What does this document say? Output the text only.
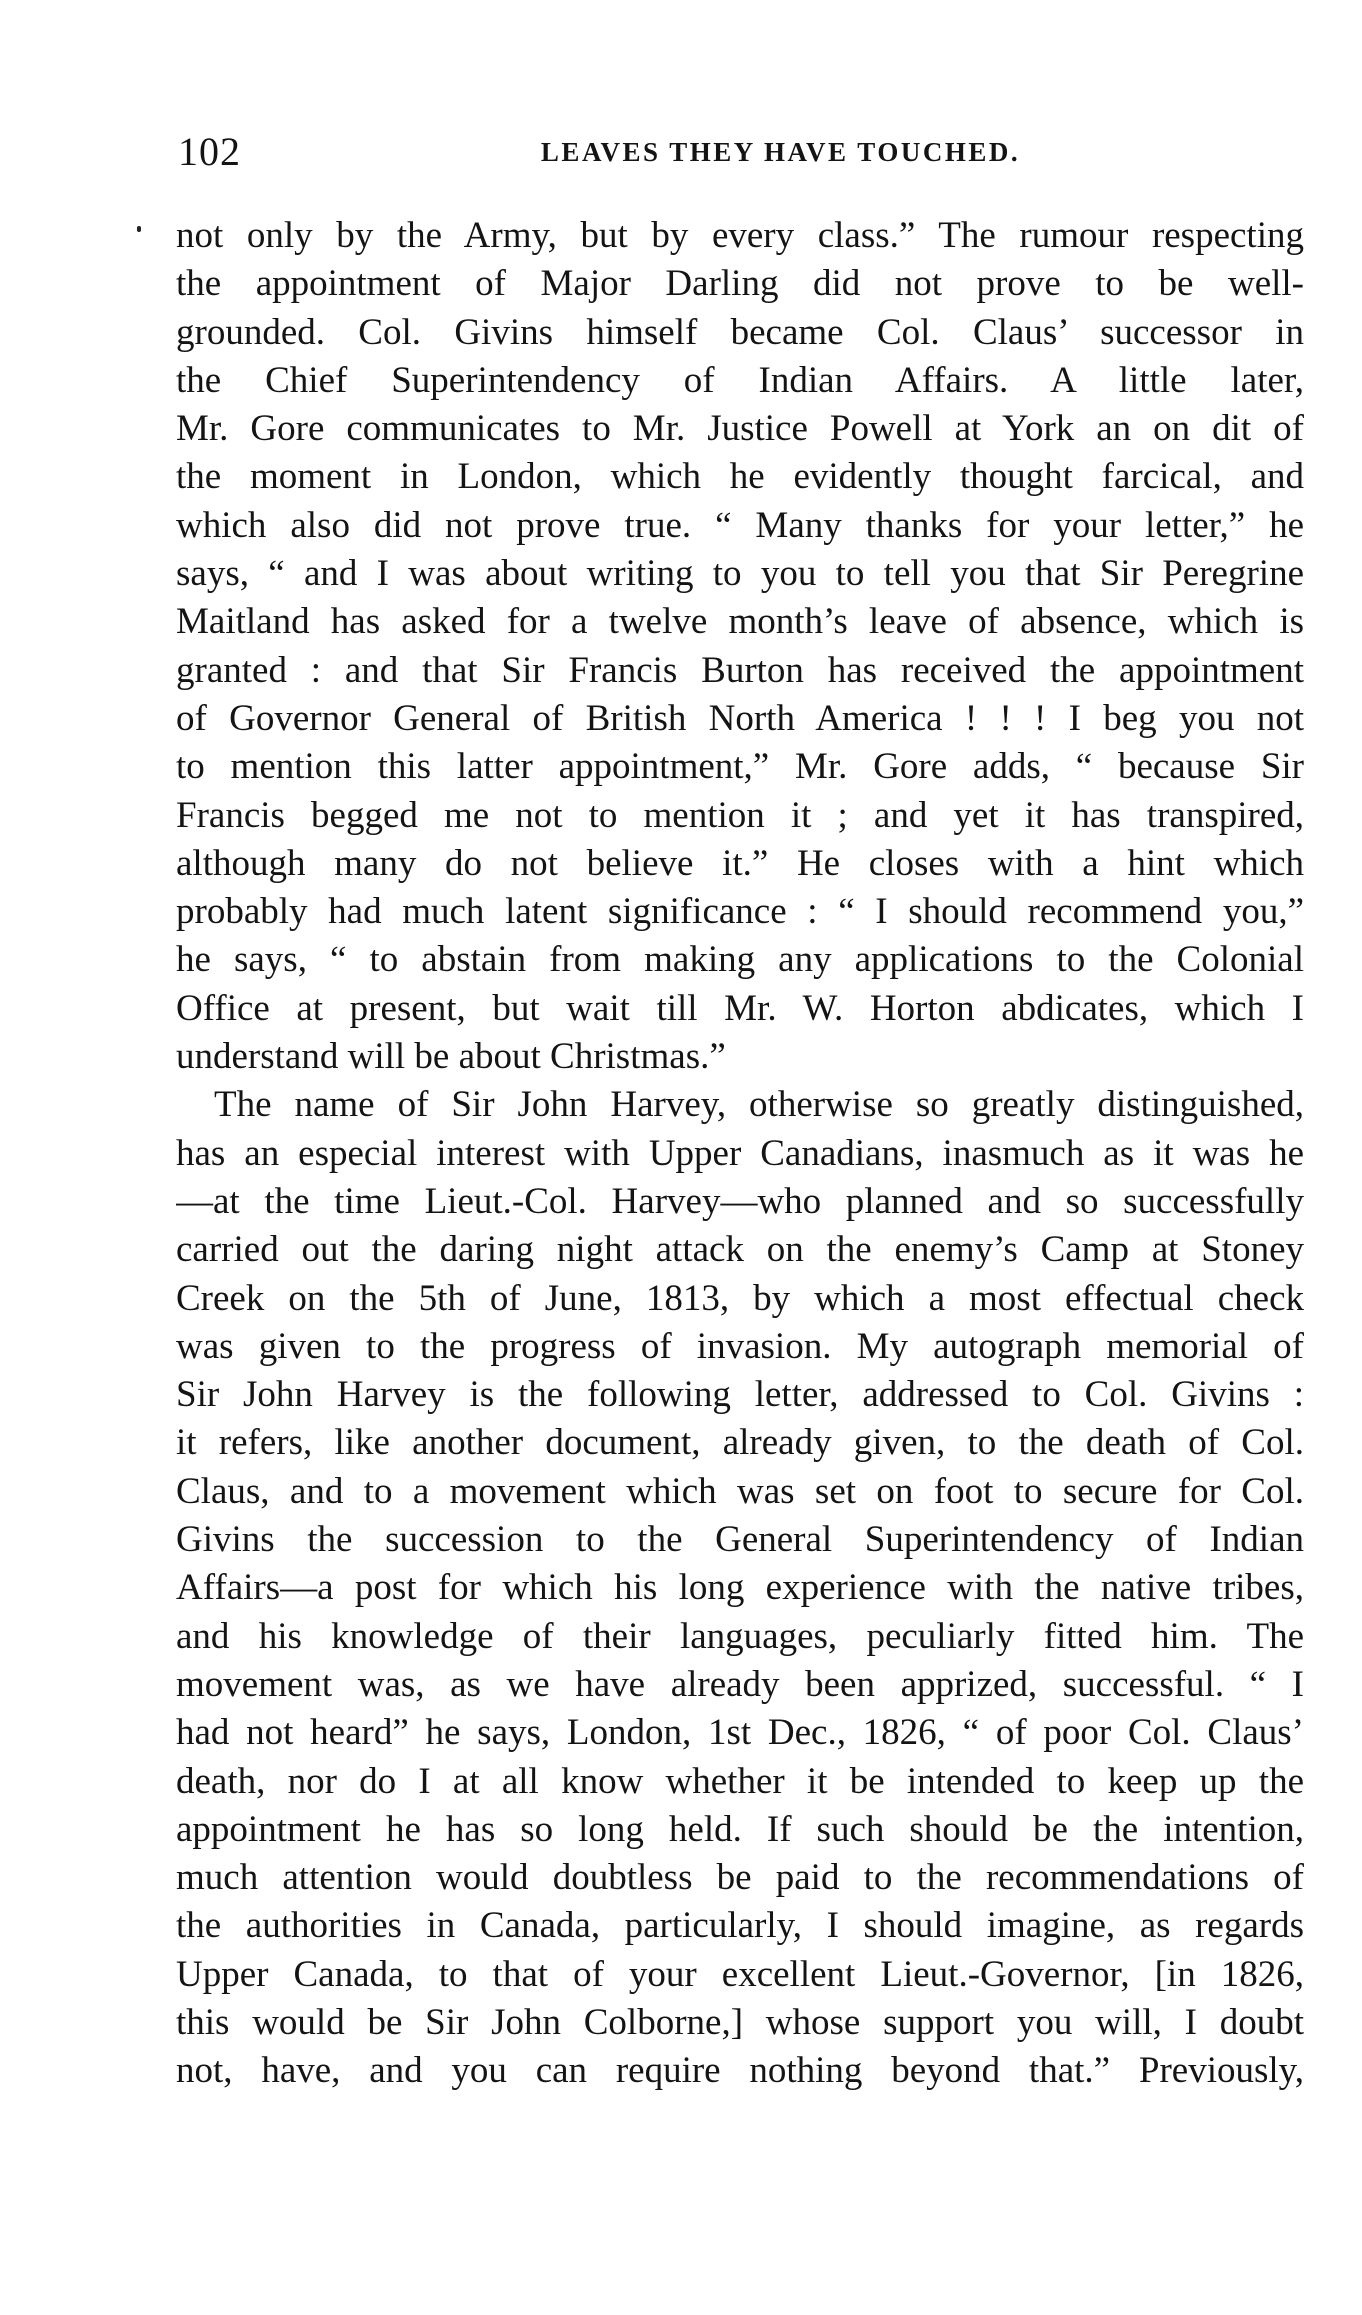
102	LEAVES THEY HAVE TOUCHED.
not only by the Army, but by every class.” The rumour respecting
the appointment of Major Darling did not prove to be well-
grounded. Col. Givins himself became Col. Claus’ successor in
the Chief Superintendency of Indian Affairs. A little later,
Mr. Gore communicates to Mr. Justice Powell at York an on dit of
the moment in London, which he evidently thought farcical, and
which also did not prove true. “ Many thanks for your letter,” he
says, “ and I was about writing to you to tell you that Sir Peregrine
Maitland has asked for a twelve month’s leave of absence, which is
granted : and that Sir Francis Burton has received the appointment
of Governor General of British North America ! ! ! I beg you not
to mention this latter appointment,” Mr. Gore adds, “ because Sir
Francis begged me not to mention it ; and yet it has transpired,
although many do not believe it.” He closes with a hint which
probably had much latent significance : “ I should recommend you,”
he says, “ to abstain from making any applications to the Colonial
Office at present, but wait till Mr. W. Horton abdicates, which I
understand will be about Christmas.”
The name of Sir John Harvey, otherwise so greatly distinguished,
has an especial interest with Upper Canadians, inasmuch as it was he
—at the time Lieut.-Col. Harvey—who planned and so successfully
carried out the daring night attack on the enemy’s Camp at Stoney
Creek on the 5th of June, 1813, by which a most effectual check
was given to the progress of invasion. My autograph memorial of
Sir John Harvey is the following letter, addressed to Col. Givins :
it refers, like another document, already given, to the death of Col.
Claus, and to a movement which was set on foot to secure for Col.
Givins the succession to the General Superintendency of Indian
Affairs—a post for which his long experience with the native tribes,
and his knowledge of their languages, peculiarly fitted him. The
movement was, as we have already been apprized, successful. “ I
had not heard” he says, London, 1st Dec., 1826, “ of poor Col. Claus’
death, nor do I at all know whether it be intended to keep up the
appointment he has so long held. If such should be the intention,
much attention would doubtless be paid to the recommendations of
the authorities in Canada, particularly, I should imagine, as regards
Upper Canada, to that of your excellent Lieut.-Governor, [in 1826,
this would be Sir John Colborne,] whose support you will, I doubt
not, have, and you can require nothing beyond that.” Previously,
